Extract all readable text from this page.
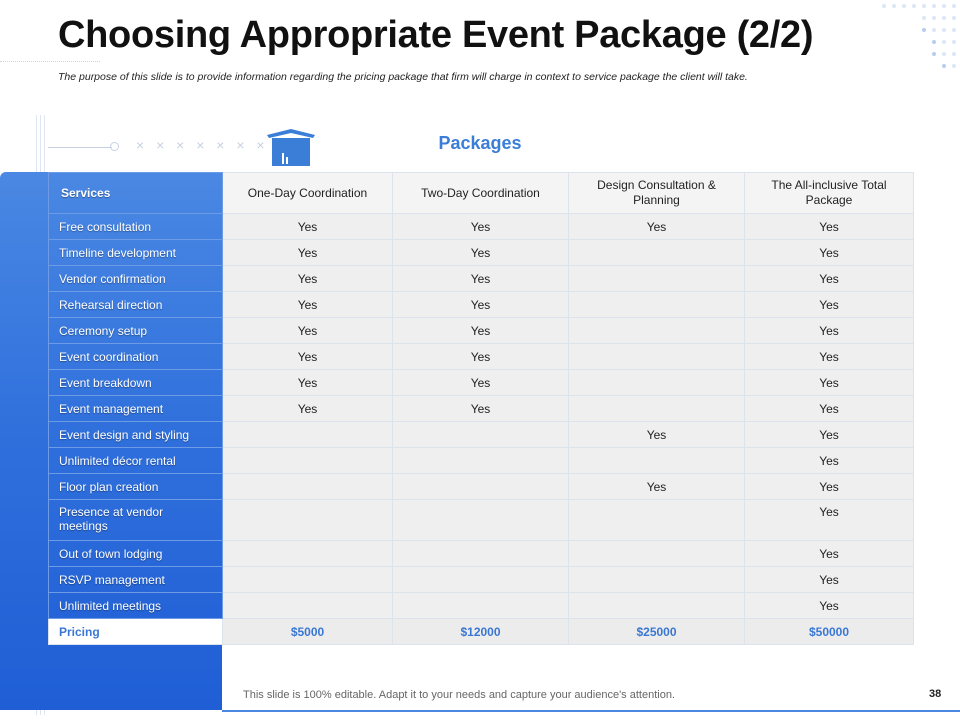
Choosing Appropriate Event Package (2/2)
The purpose of this slide is to provide information regarding the pricing package that firm will charge in context to service package the client will take.
× × × × × × ×	Packages
Services	One-Day Coordination	Two-Day Coordination	Design Consultation & Planning	The All-inclusive Total Package
Free consultation	Yes	Yes	Yes	Yes
Timeline development	Yes	Yes		Yes
Vendor confirmation	Yes	Yes		Yes
Rehearsal direction	Yes	Yes		Yes
Ceremony setup	Yes	Yes		Yes
Event coordination	Yes	Yes		Yes
Event breakdown	Yes	Yes		Yes
Event management	Yes	Yes		Yes
Event design and styling			Yes	Yes
Unlimited décor rental				Yes
Floor plan creation			Yes	Yes
Presence at vendor meetings				Yes
Out of town lodging				Yes
RSVP management				Yes
Unlimited meetings				Yes
Pricing	$5000	$12000	$25000	$50000
This slide is 100% editable. Adapt it to your needs and capture your audience's attention.	38
